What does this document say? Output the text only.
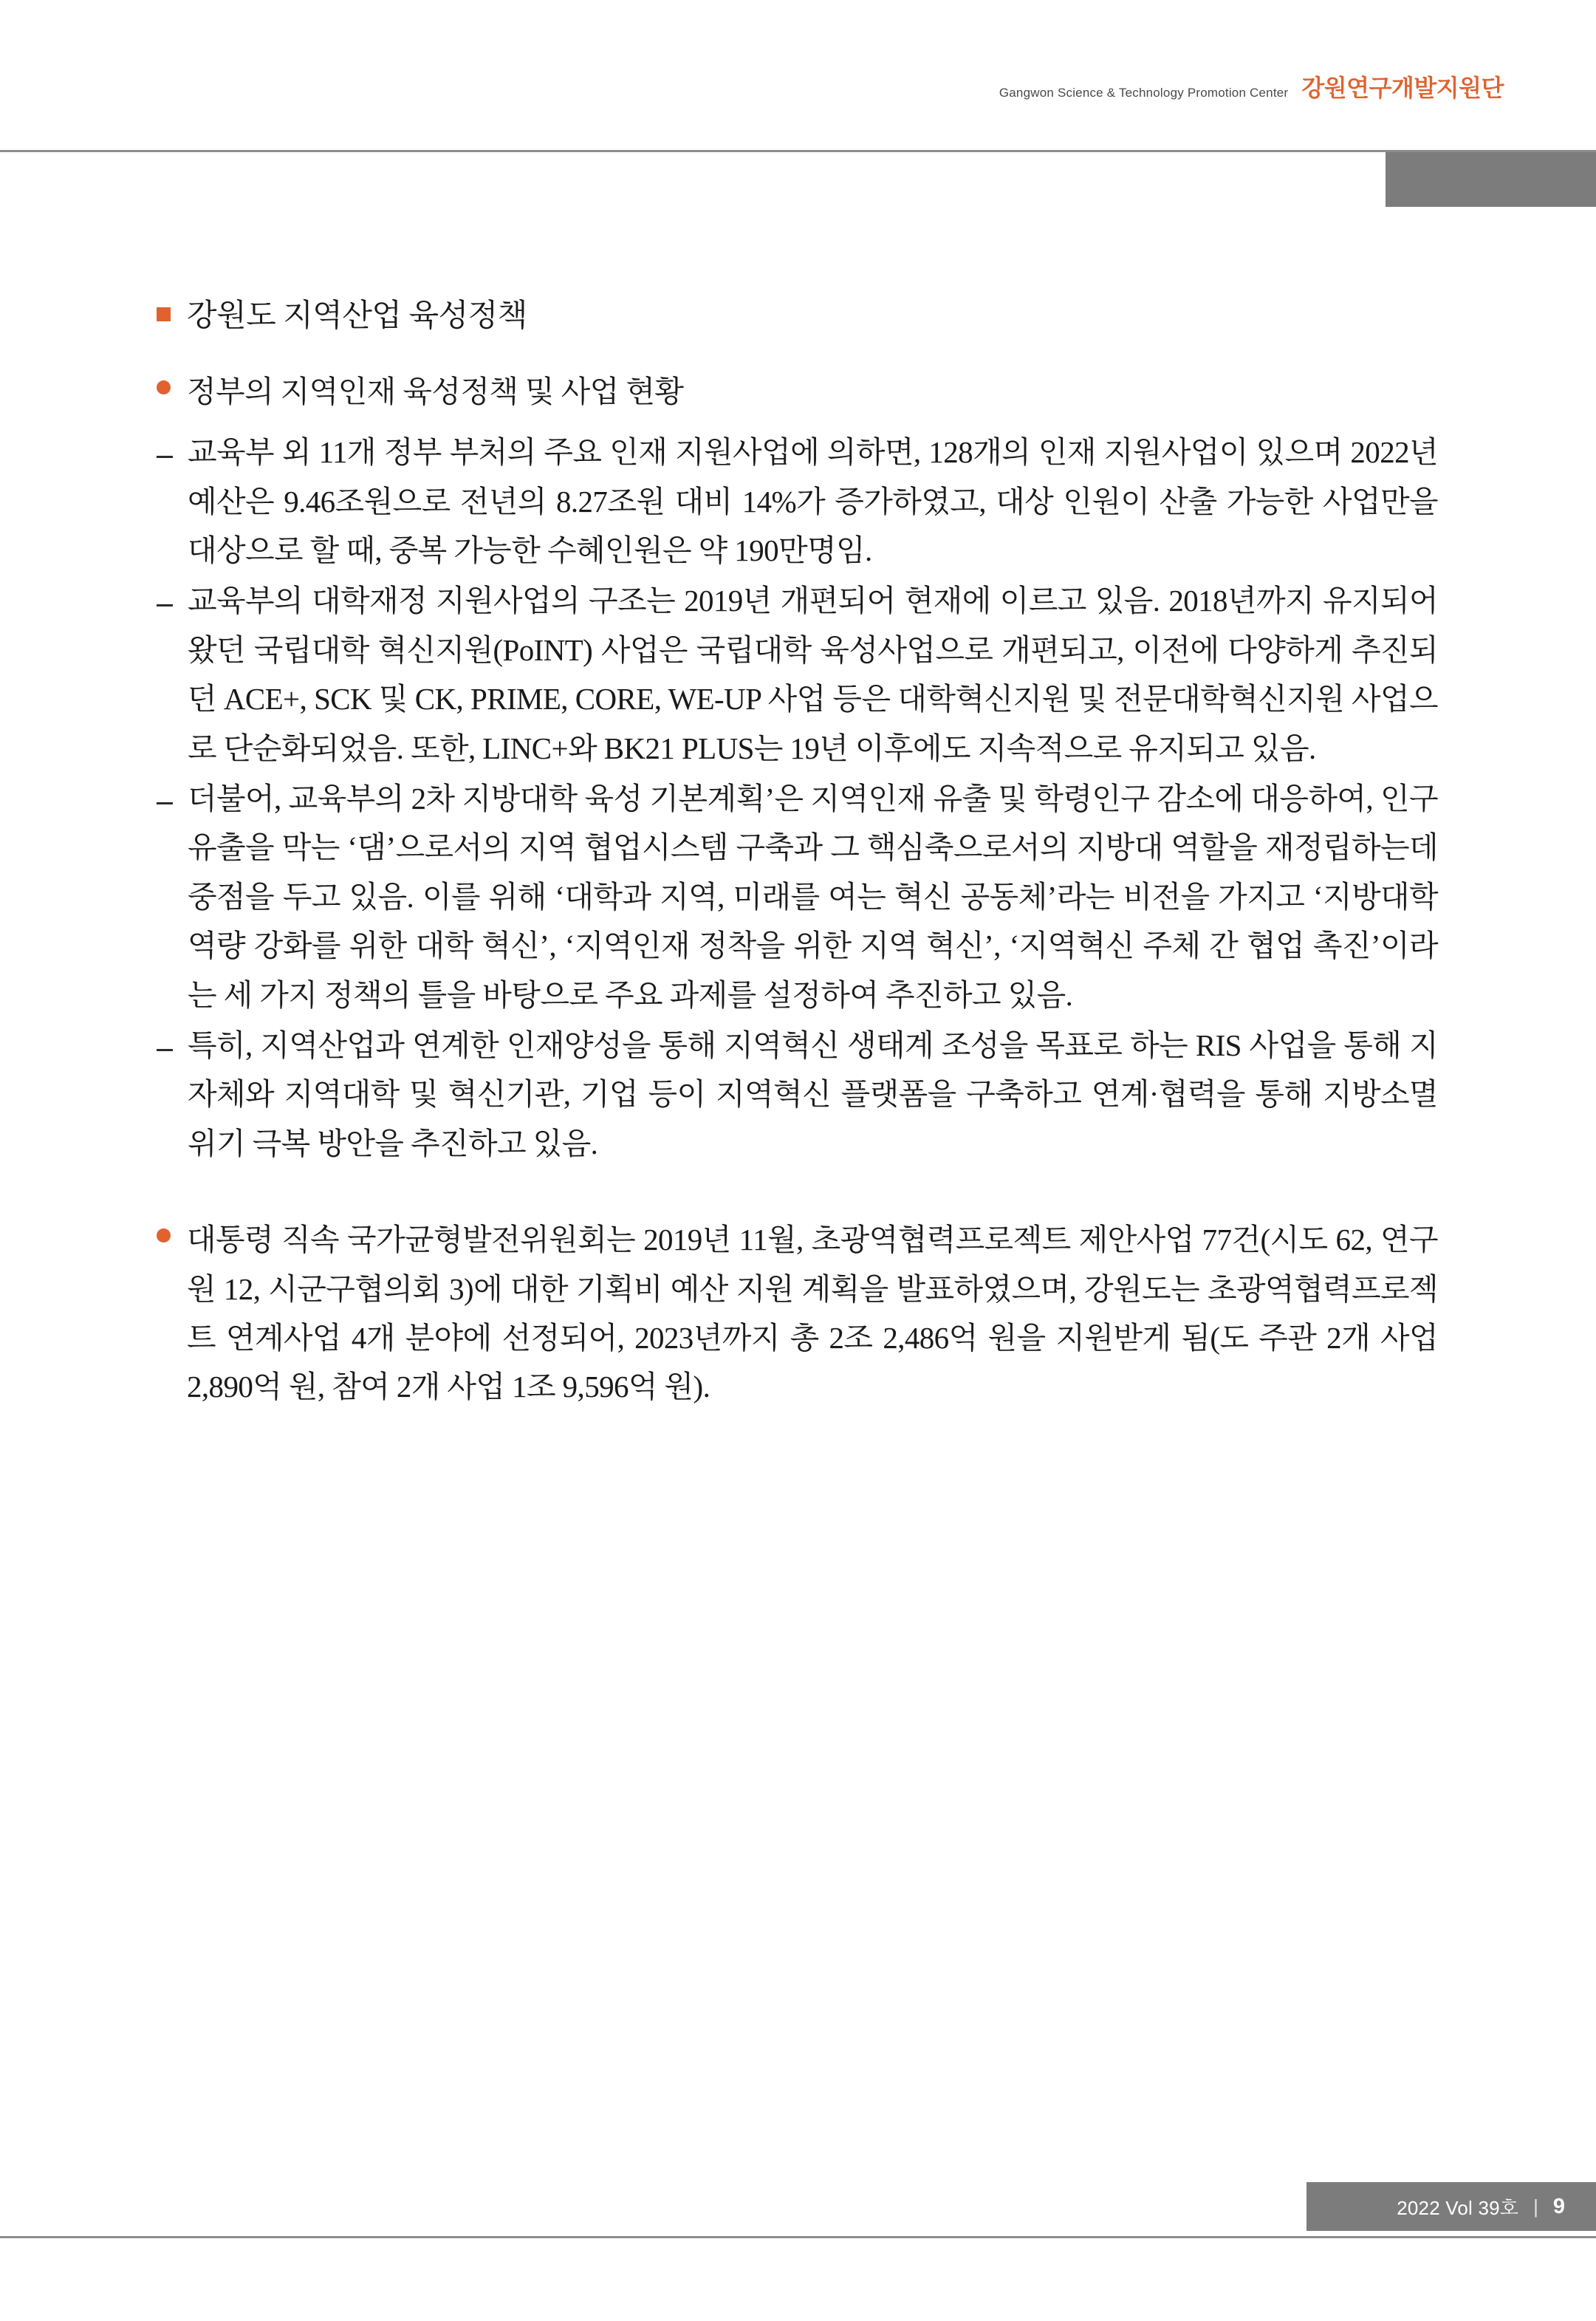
Gangwon Science & Technology Promotion Center 강원연구개발지원단
강원도 지역산업 육성정책
정부의 지역인재 육성정책 및 사업 현황
교육부 외 11개 정부 부처의 주요 인재 지원사업에 의하면, 128개의 인재 지원사업이 있으며 2022년 예산은 9.46조원으로 전년의 8.27조원 대비 14%가 증가하였고, 대상 인원이 산출 가능한 사업만을 대상으로 할 때, 중복 가능한 수혜인원은 약 190만명임.
교육부의 대학재정 지원사업의 구조는 2019년 개편되어 현재에 이르고 있음. 2018년까지 유지되어 왔던 국립대학 혁신지원(PoINT) 사업은 국립대학 육성사업으로 개편되고, 이전에 다양하게 추진되던 ACE+, SCK 및 CK, PRIME, CORE, WE-UP 사업 등은 대학혁신지원 및 전문대학혁신지원 사업으로 단순화되었음. 또한, LINC+와 BK21 PLUS는 19년 이후에도 지속적으로 유지되고 있음.
더불어, 교육부의 2차 지방대학 육성 기본계획’은 지역인재 유출 및 학령인구 감소에 대응하여, 인구 유출을 막는 ‘댐’으로서의 지역 협업시스템 구축과 그 핵심축으로서의 지방대 역할을 재정립하는데 중점을 두고 있음. 이를 위해 ‘대학과 지역, 미래를 여는 혁신 공동체’라는 비전을 가지고 ‘지방대학 역량 강화를 위한 대학 혁신’, ‘지역인재 정착을 위한 지역 혁신’, ‘지역혁신 주체 간 협업 촉진’이라는 세 가지 정책의 틀을 바탕으로 주요 과제를 설정하여 추진하고 있음.
특히, 지역산업과 연계한 인재양성을 통해 지역혁신 생태계 조성을 목표로 하는 RIS 사업을 통해 지자체와 지역대학 및 혁신기관, 기업 등이 지역혁신 플랫폼을 구축하고 연계·협력을 통해 지방소멸 위기 극복 방안을 추진하고 있음.
대통령 직속 국가균형발전위원회는 2019년 11월, 초광역협력프로젝트 제안사업 77건(시도 62, 연구원 12, 시군구협의회 3)에 대한 기획비 예산 지원 계획을 발표하였으며, 강원도는 초광역협력프로젝트 연계사업 4개 분야에 선정되어, 2023년까지 총 2조 2,486억 원을 지원받게 됨(도 주관 2개 사업 2,890억 원, 참여 2개 사업 1조 9,596억 원).
2022 Vol 39호 | 9
